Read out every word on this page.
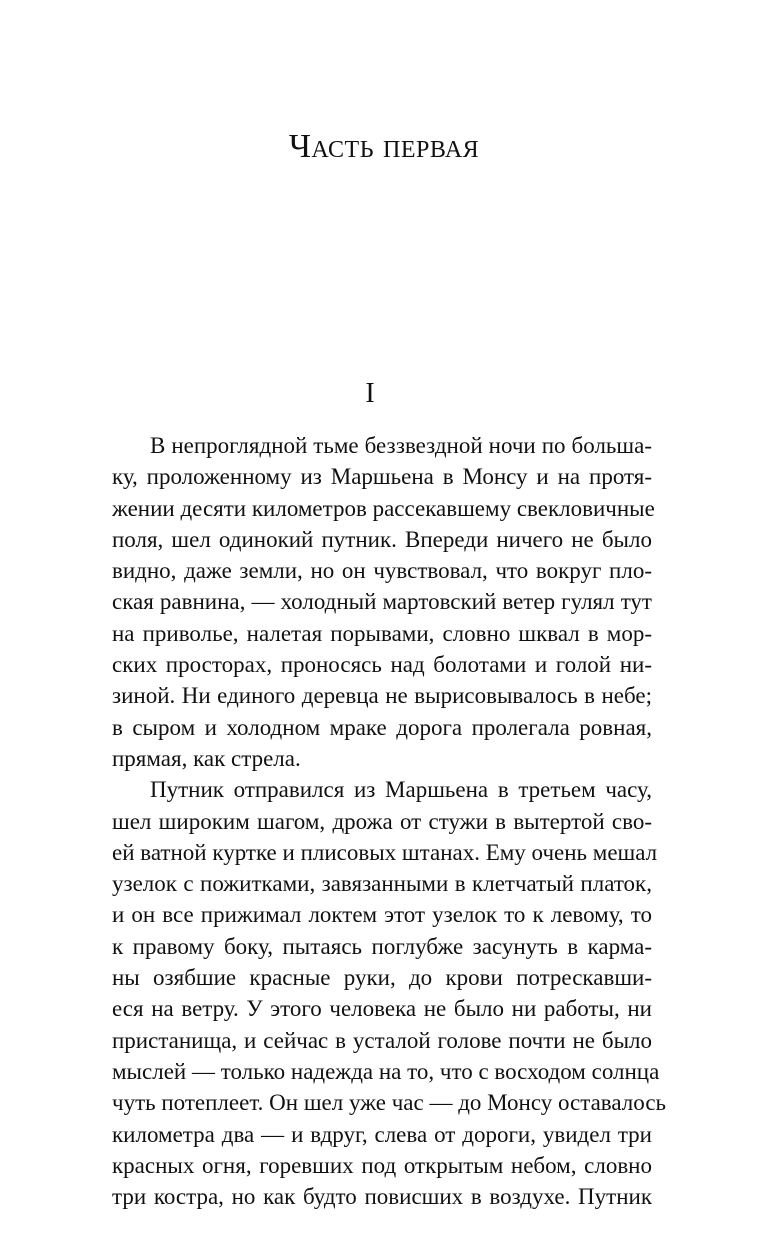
Часть первая
I
В непроглядной тьме беззвездной ночи по больша-
ку, проложенному из Маршьена в Монсу и на протя-
жении десяти километров рассекавшему свекловичные
поля, шел одинокий путник. Впереди ничего не было
видно, даже земли, но он чувствовал, что вокруг пло-
ская равнина, — холодный мартовский ветер гулял тут
на приволье, налетая порывами, словно шквал в мор-
ских просторах, проносясь над болотами и голой ни-
зиной. Ни единого деревца не вырисовывалось в небе;
в сыром и холодном мраке дорога пролегала ровная,
прямая, как стрела.
Путник отправился из Маршьена в третьем часу,
шел широким шагом, дрожа от стужи в вытертой сво-
ей ватной куртке и плисовых штанах. Ему очень мешал
узелок с пожитками, завязанными в клетчатый платок,
и он все прижимал локтем этот узелок то к левому, то
к правому боку, пытаясь поглубже засунуть в карма-
ны озябшие красные руки, до крови потрескавши-
еся на ветру. У этого человека не было ни работы, ни
пристанища, и сейчас в усталой голове почти не было
мыслей — только надежда на то, что с восходом солнца
чуть потеплеет. Он шел уже час — до Монсу оставалось
километра два — и вдруг, слева от дороги, увидел три
красных огня, горевших под открытым небом, словно
три костра, но как будто повисших в воздухе. Путник
